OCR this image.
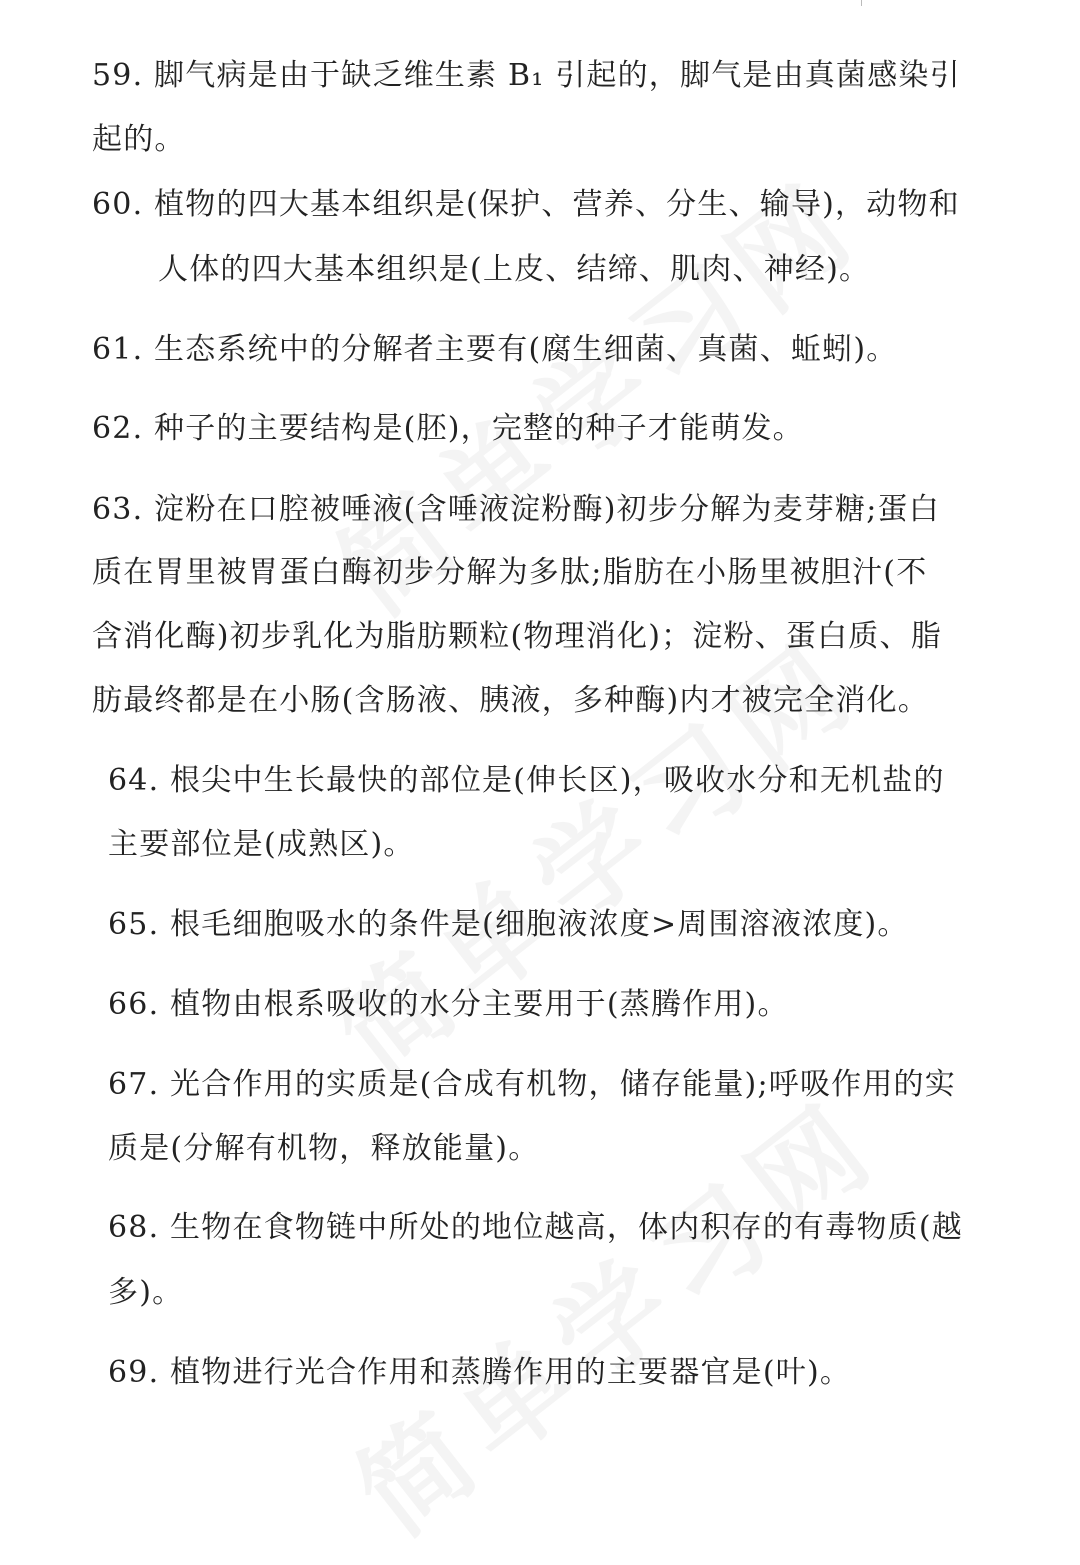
59. 脚气病是由于缺乏维生素 B₁ 引起的，脚气是由真菌感染引
起的。
60. 植物的四大基本组织是(保护、营养、分生、输导)，动物和
人体的四大基本组织是(上皮、结缔、肌肉、神经)。
61. 生态系统中的分解者主要有(腐生细菌、真菌、蚯蚓)。
62. 种子的主要结构是(胚)，完整的种子才能萌发。
63. 淀粉在口腔被唾液(含唾液淀粉酶)初步分解为麦芽糖;蛋白
质在胃里被胃蛋白酶初步分解为多肽;脂肪在小肠里被胆汁(不
含消化酶)初步乳化为脂肪颗粒(物理消化)；淀粉、蛋白质、脂
肪最终都是在小肠(含肠液、胰液，多种酶)内才被完全消化。
64. 根尖中生长最快的部位是(伸长区)，吸收水分和无机盐的
主要部位是(成熟区)。
65. 根毛细胞吸水的条件是(细胞液浓度>周围溶液浓度)。
66. 植物由根系吸收的水分主要用于(蒸腾作用)。
67. 光合作用的实质是(合成有机物，储存能量);呼吸作用的实
质是(分解有机物，释放能量)。
68. 生物在食物链中所处的地位越高，体内积存的有毒物质(越
多)。
69. 植物进行光合作用和蒸腾作用的主要器官是(叶)。
